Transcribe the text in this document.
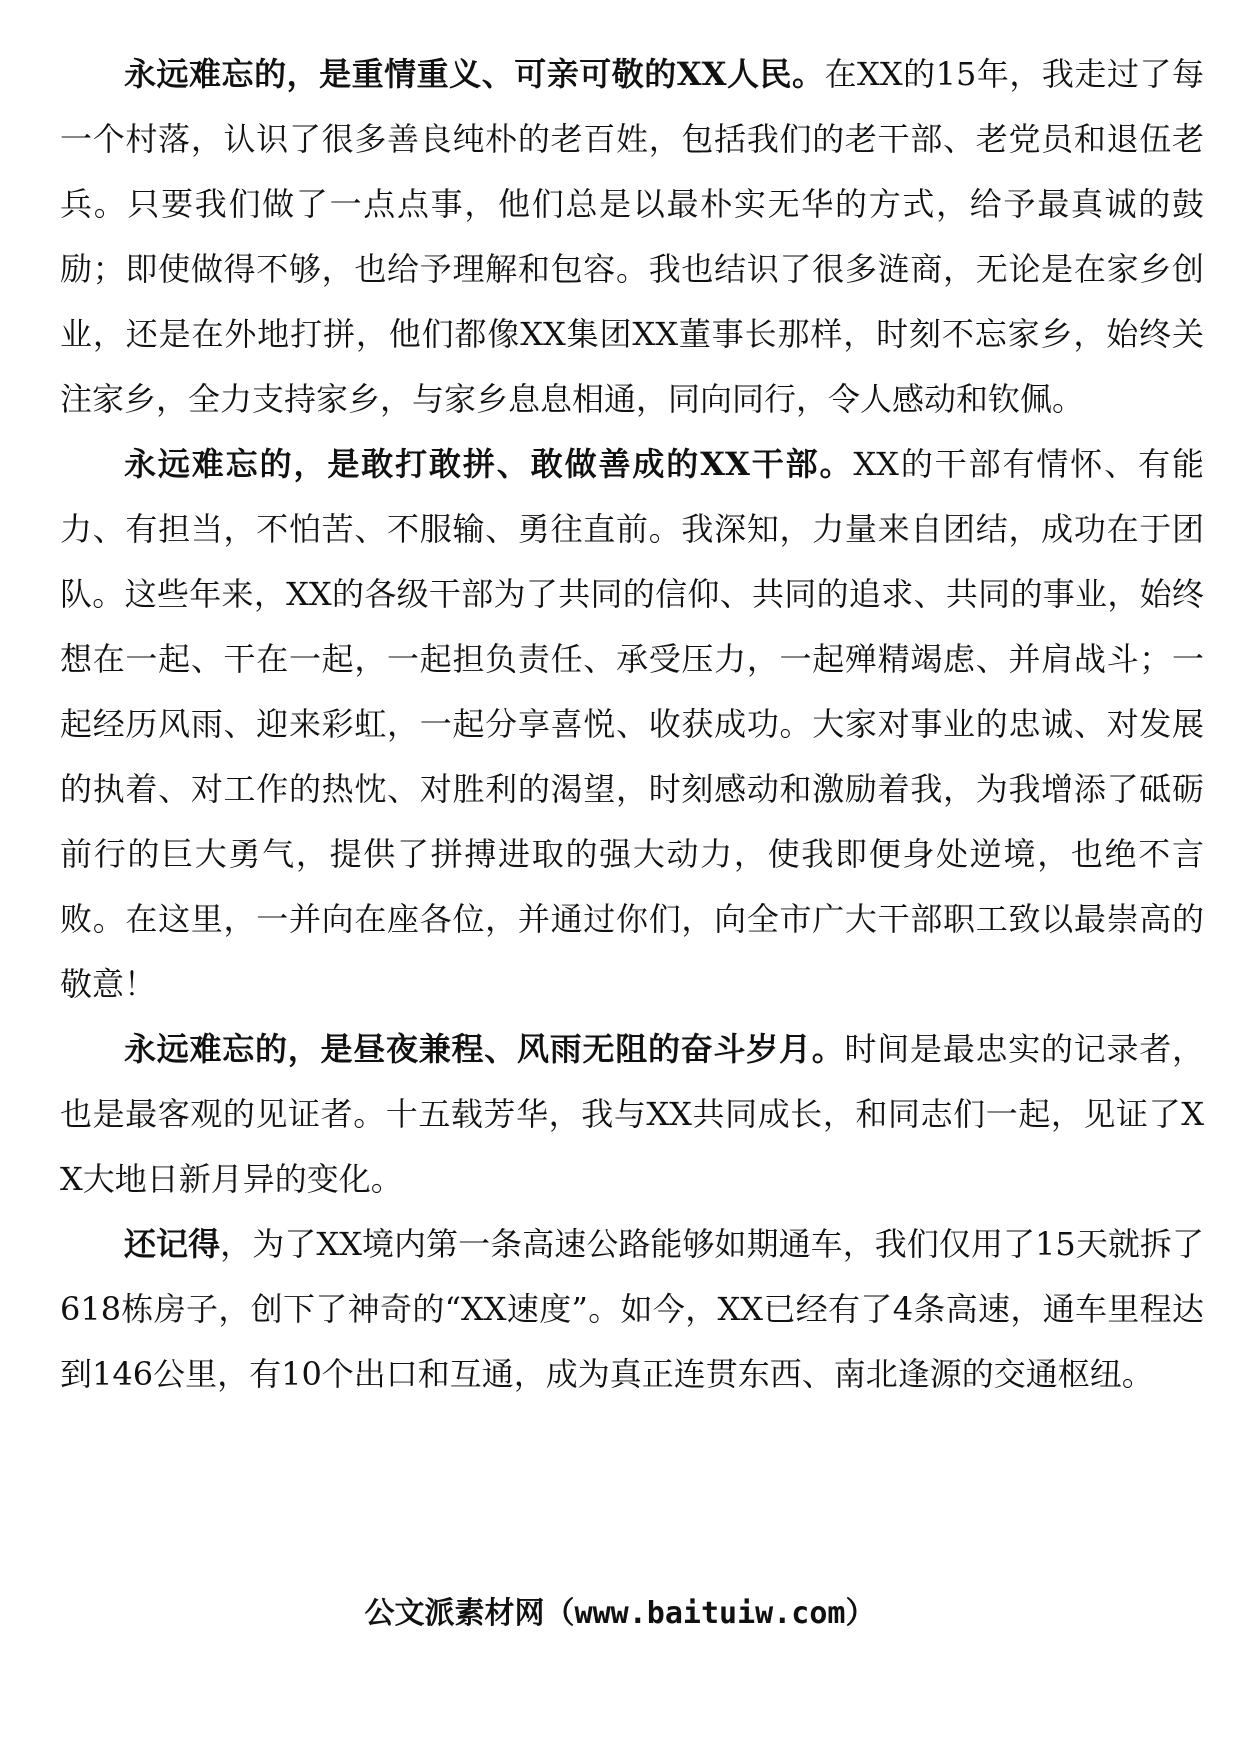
永远难忘的，是重情重义、可亲可敬的XX人民。在XX的15年，我走过了每一个村落，认识了很多善良纯朴的老百姓，包括我们的老干部、老党员和退伍老兵。只要我们做了一点点事，他们总是以最朴实无华的方式，给予最真诚的鼓励；即使做得不够，也给予理解和包容。我也结识了很多涟商，无论是在家乡创业，还是在外地打拼，他们都像XX集团XX董事长那样，时刻不忘家乡，始终关注家乡，全力支持家乡，与家乡息息相通，同向同行，令人感动和钦佩。

永远难忘的，是敢打敢拼、敢做善成的XX干部。XX的干部有情怀、有能力、有担当，不怕苦、不服输、勇往直前。我深知，力量来自团结，成功在于团队。这些年来，XX的各级干部为了共同的信仰、共同的追求、共同的事业，始终想在一起、干在一起，一起担负责任、承受压力，一起殚精竭虑、并肩战斗；一起经历风雨、迎来彩虹，一起分享喜悦、收获成功。大家对事业的忠诚、对发展的执着、对工作的热忱、对胜利的渴望，时刻感动和激励着我，为我增添了砥砺前行的巨大勇气，提供了拼搏进取的强大动力，使我即便身处逆境，也绝不言败。在这里，一并向在座各位，并通过你们，向全市广大干部职工致以最崇高的敬意！

永远难忘的，是昼夜兼程、风雨无阻的奋斗岁月。时间是最忠实的记录者，也是最客观的见证者。十五载芳华，我与XX共同成长，和同志们一起，见证了XX大地日新月异的变化。

还记得，为了XX境内第一条高速公路能够如期通车，我们仅用了15天就拆了618栋房子，创下了神奇的“XX速度”。如今，XX已经有了4条高速，通车里程达到146公里，有10个出口和互通，成为真正连贯东西、南北逢源的交通枢纽。

公文派素材网（www.baituiw.com）
